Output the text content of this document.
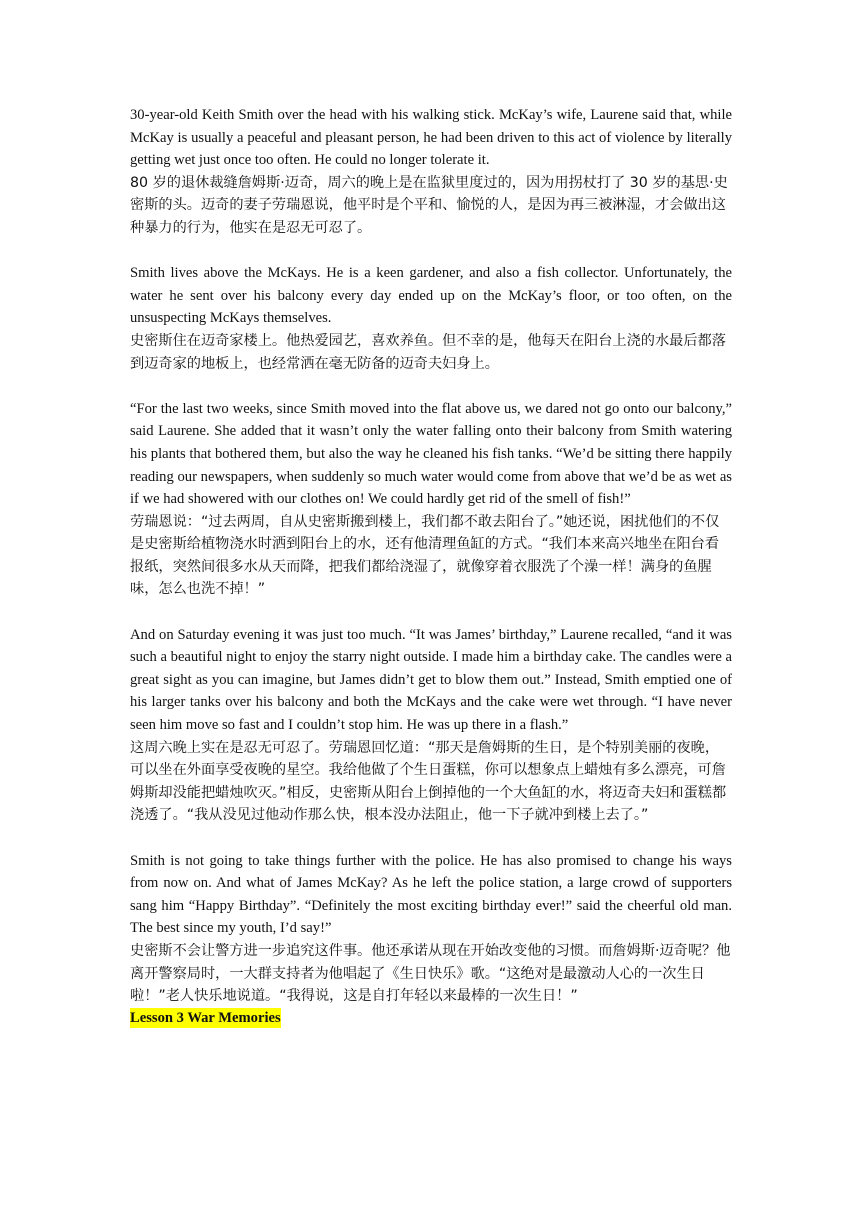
30-year-old Keith Smith over the head with his walking stick. McKay’s wife, Laurene said that, while McKay is usually a peaceful and pleasant person, he had been driven to this act of violence by literally getting wet just once too often. He could no longer tolerate it.

80 岁的退休裁缝詹姆斯·迈奇，周六的晚上是在监狱里度过的，因为用拐杖打了 30 岁的基思·史密斯的头。迈奇的妻子劳瑞恩说，他平时是个平和、愉悦的人，是因为再三被淋湿，才会做出这种暴力的行为，他实在是忍无可忍了。

Smith lives above the McKays. He is a keen gardener, and also a fish collector. Unfortunately, the water he sent over his balcony every day ended up on the McKay’s floor, or too often, on the unsuspecting McKays themselves.

史密斯住在迈奇家楼上。他热爱园艺，喜欢养鱼。但不幸的是，他每天在阳台上浇的水最后都落到迈奇家的地板上，也经常洒在毫无防备的迈奇夫妇身上。

“For the last two weeks, since Smith moved into the flat above us, we dared not go onto our balcony,” said Laurene. She added that it wasn’t only the water falling onto their balcony from Smith watering his plants that bothered them, but also the way he cleaned his fish tanks. “We’d be sitting there happily reading our newspapers, when suddenly so much water would come from above that we’d be as wet as if we had showered with our clothes on! We could hardly get rid of the smell of fish!”

劳瑞恩说：“过去两周，自从史密斯搬到楼上，我们都不敢去阳台了。”她还说，困扰他们的不仅是史密斯给植物浇水时洒到阳台上的水，还有他清理鱼缸的方式。“我们本来高兴地坐在阳台看报纸，突然间很多水从天而降，把我们都给浇湿了，就像穿着衣服洗了个澡一样！满身的鱼腥味，怎么也洗不掉！”

And on Saturday evening it was just too much. “It was James’ birthday,” Laurene recalled, “and it was such a beautiful night to enjoy the starry night outside. I made him a birthday cake. The candles were a great sight as you can imagine, but James didn’t get to blow them out.” Instead, Smith emptied one of his larger tanks over his balcony and both the McKays and the cake were wet through. “I have never seen him move so fast and I couldn’t stop him. He was up there in a flash.”

这周六晚上实在是忍无可忍了。劳瑞恩回忆道：“那天是詹姆斯的生日，是个特别美丽的夜晚，可以坐在外面享受夜晚的星空。我给他做了个生日蛋糕，你可以想象点上蜡烛有多么漂亮，可詹姆斯却没能把蜡烛吹灭。”相反，史密斯从阳台上倒掉他的一个大鱼缸的水，将迈奇夫妇和蛋糕都浇透了。“我从没见过他动作那么快，根本没办法阻止，他一下子就冲到楼上去了。”

Smith is not going to take things further with the police. He has also promised to change his ways from now on. And what of James McKay? As he left the police station, a large crowd of supporters sang him “Happy Birthday”. “Definitely the most exciting birthday ever!” said the cheerful old man. The best since my youth, I’d say!”

史密斯不会让警方进一步追究这件事。他还承诺从现在开始改变他的习惯。而詹姆斯·迈奇呢？他离开警察局时，一大群支持者为他唱起了《生日快乐》歌。“这绝对是最激动人心的一次生日啦！”老人快乐地说道。“我得说，这是自打年轻以来最棒的一次生日！”

Lesson 3 War Memories
